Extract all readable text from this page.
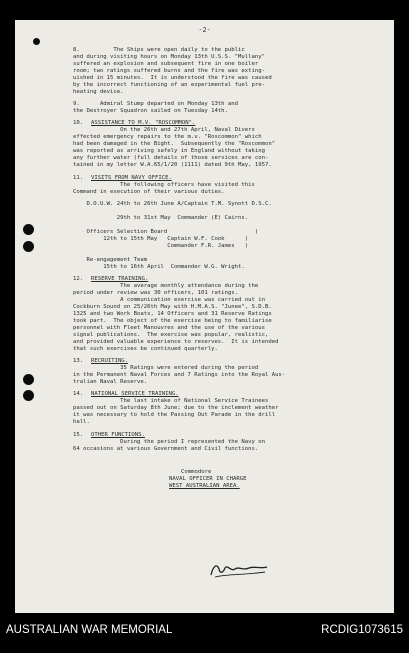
-2-
8.          The Ships were open daily to the public
and during visiting hours on Monday 13th U.S.S. "Mullany"
suffered an explosion and subsequent fire in one boiler
room; two ratings suffered burns and the fire was exting-
uished in 15 minutes.  It is understood the fire was caused
by the incorrect functioning of an experimental fuel pre-
heating device.
9.      Admiral Stump departed on Monday 13th and
the Destroyer Squadron sailed on Tuesday 14th.
10. ASSISTANCE TO M.V. "ROSCOMMON".
On the 26th and 27th April, Naval Divers
effected emergency repairs to the m.v. "Roscommon" which
had been damaged in the Bight.  Subsequently the "Roscommon"
was reported as arriving safely in England without taking
any further water (full details of those services are con-
tained in my letter W.A.65/1/20 (1111) dated 9th May, 1957.
11. VISITS FROM NAVY OFFICE.
The following officers have visited this
Command in execution of their various duties.
D.O.U.W. 24th to 26th June A/Captain T.M. Synott D.S.C.

29th to 31st May  Commander (E) Cairns.

Officers Selection Board                          )
12th to 15th May   Captain W.F. Cook      )
Commander F.R. James   )

Re-engagement Team
15th to 16th April  Commander W.G. Wright.
12. RESERVE TRAINING.
The average monthly attendance during the
period under review was 30 officers, 101 ratings.
A communication exercise was carried out in
Cockburn Sound on 25/26th May with H.M.A.S. "Junee", S.D.B.
1325 and two Work Boats, 14 Officers and 31 Reserve Ratings
took part.  The object of the exercise being to familiarise
personnel with Fleet Manouvres and the use of the various
signal publications.  The exercise was popular, realistic,
and provided valuable experience to reserves.  It is intended
that such exercises be continued quarterly.
13. RECRUITING.
35 Ratings were entered during the period
in the Permanent Naval Forces and 7 Ratings into the Royal Aus-
tralian Naval Reserve.
14. NATIONAL SERVICE TRAINING.
The last intake of National Service Trainees
passed out on Saturday 8th June; due to the inclement weather
it was necessary to hold the Passing Out Parade in the drill
hall.
15. OTHER FUNCTIONS.
During the period I represented the Navy on
64 occasions at various Government and Civil functions.
Commodore
NAVAL OFFICER IN CHARGE
WEST AUSTRALIAN AREA.
AUSTRALIAN WAR MEMORIAL	RCDIG1073615
